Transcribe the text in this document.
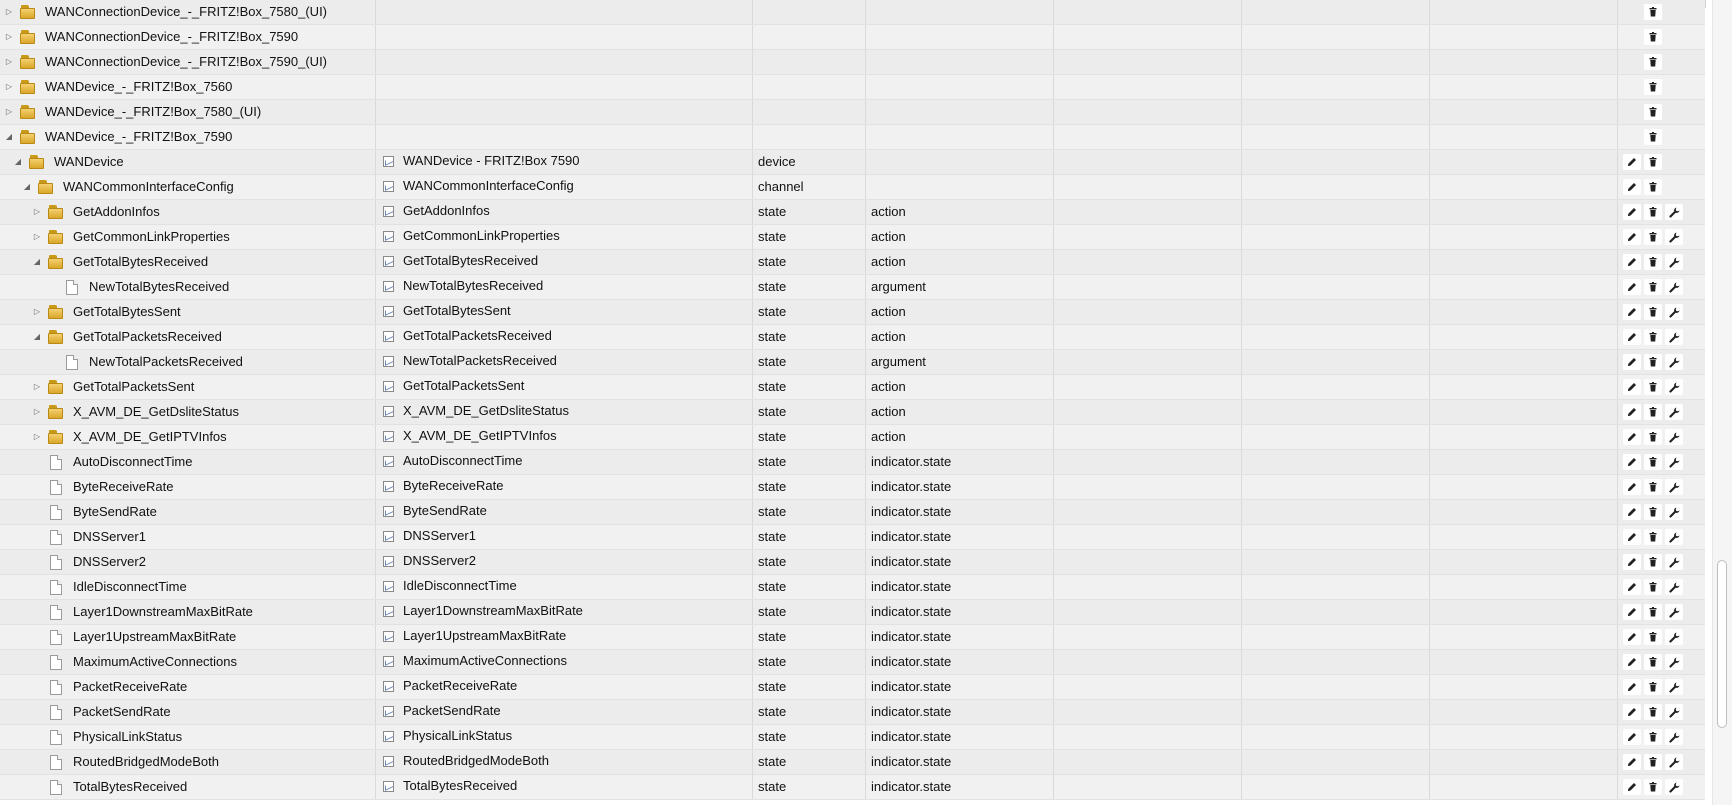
▷	WANConnectionDevice_-_FRITZ!Box_7580_(UI)
▷	WANConnectionDevice_-_FRITZ!Box_7590
▷	WANConnectionDevice_-_FRITZ!Box_7590_(UI)
▷	WANDevice_-_FRITZ!Box_7560
▷	WANDevice_-_FRITZ!Box_7580_(UI)
◢	WANDevice_-_FRITZ!Box_7590
◢	WANDevice	WANDevice - FRITZ!Box 7590	device
◢	WANCommonInterfaceConfig	WANCommonInterfaceConfig	channel
▷	GetAddonInfos	GetAddonInfos	state	action
▷	GetCommonLinkProperties	GetCommonLinkProperties	state	action
◢	GetTotalBytesReceived	GetTotalBytesReceived	state	action
NewTotalBytesReceived	NewTotalBytesReceived	state	argument
▷	GetTotalBytesSent	GetTotalBytesSent	state	action
◢	GetTotalPacketsReceived	GetTotalPacketsReceived	state	action
NewTotalPacketsReceived	NewTotalPacketsReceived	state	argument
▷	GetTotalPacketsSent	GetTotalPacketsSent	state	action
▷	X_AVM_DE_GetDsliteStatus	X_AVM_DE_GetDsliteStatus	state	action
▷	X_AVM_DE_GetIPTVInfos	X_AVM_DE_GetIPTVInfos	state	action
AutoDisconnectTime	AutoDisconnectTime	state	indicator.state
ByteReceiveRate	ByteReceiveRate	state	indicator.state
ByteSendRate	ByteSendRate	state	indicator.state
DNSServer1	DNSServer1	state	indicator.state
DNSServer2	DNSServer2	state	indicator.state
IdleDisconnectTime	IdleDisconnectTime	state	indicator.state
Layer1DownstreamMaxBitRate	Layer1DownstreamMaxBitRate	state	indicator.state
Layer1UpstreamMaxBitRate	Layer1UpstreamMaxBitRate	state	indicator.state
MaximumActiveConnections	MaximumActiveConnections	state	indicator.state
PacketReceiveRate	PacketReceiveRate	state	indicator.state
PacketSendRate	PacketSendRate	state	indicator.state
PhysicalLinkStatus	PhysicalLinkStatus	state	indicator.state
RoutedBridgedModeBoth	RoutedBridgedModeBoth	state	indicator.state
TotalBytesReceived	TotalBytesReceived	state	indicator.state
